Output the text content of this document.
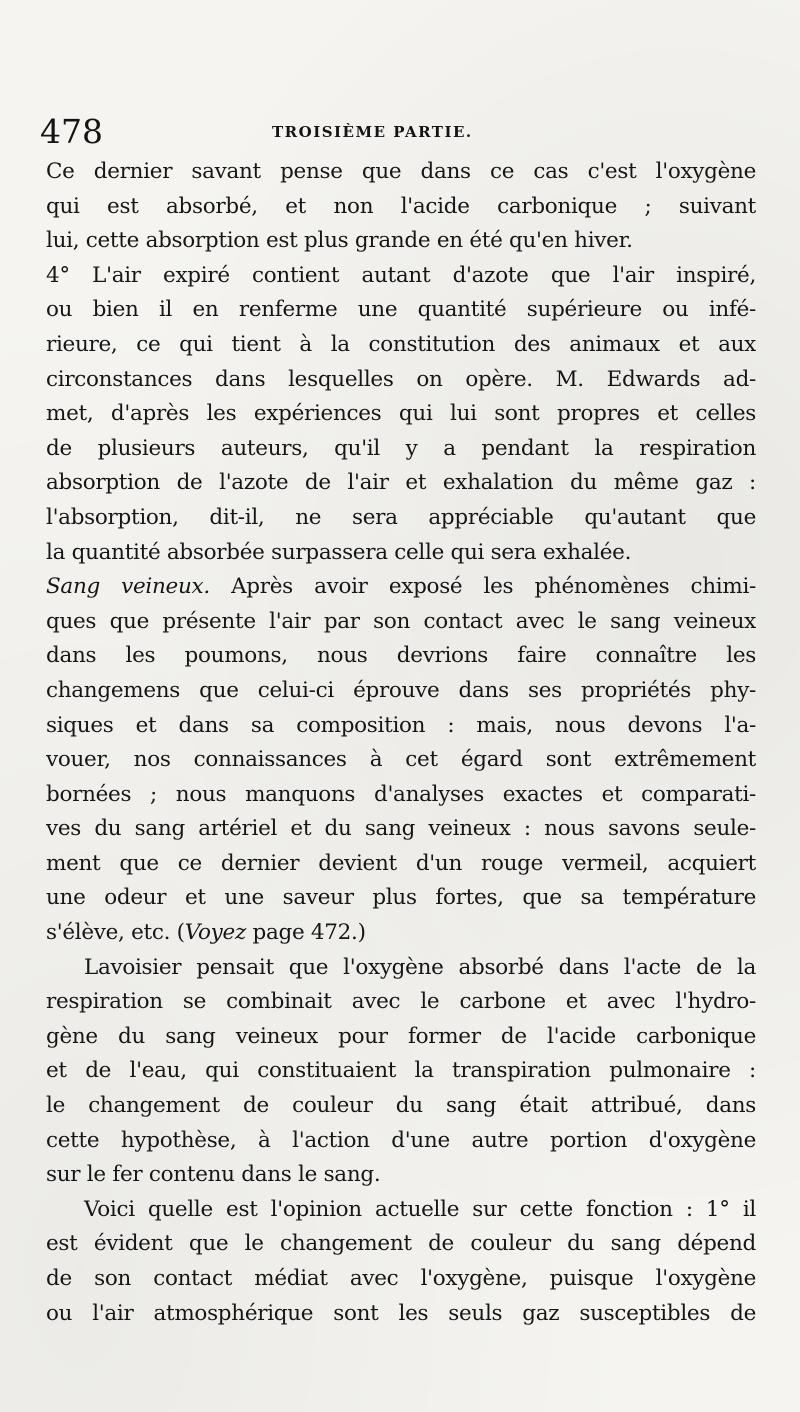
478	TROISIÈME PARTIE.
Ce dernier savant pense que dans ce cas c'est l'oxygène
qui est absorbé, et non l'acide carbonique ; suivant
lui, cette absorption est plus grande en été qu'en hiver.
4° L'air expiré contient autant d'azote que l'air inspiré,
ou bien il en renferme une quantité supérieure ou infé-
rieure, ce qui tient à la constitution des animaux et aux
circonstances dans lesquelles on opère. M. Edwards ad-
met, d'après les expériences qui lui sont propres et celles
de plusieurs auteurs, qu'il y a pendant la respiration
absorption de l'azote de l'air et exhalation du même gaz :
l'absorption, dit-il, ne sera appréciable qu'autant que
la quantité absorbée surpassera celle qui sera exhalée.
Sang veineux. Après avoir exposé les phénomènes chimi-
ques que présente l'air par son contact avec le sang veineux
dans les poumons, nous devrions faire connaître les
changemens que celui-ci éprouve dans ses propriétés phy-
siques et dans sa composition : mais, nous devons l'a-
vouer, nos connaissances à cet égard sont extrêmement
bornées ; nous manquons d'analyses exactes et comparati-
ves du sang artériel et du sang veineux : nous savons seule-
ment que ce dernier devient d'un rouge vermeil, acquiert
une odeur et une saveur plus fortes, que sa température
s'élève, etc. (Voyez page 472.)
Lavoisier pensait que l'oxygène absorbé dans l'acte de la
respiration se combinait avec le carbone et avec l'hydro-
gène du sang veineux pour former de l'acide carbonique
et de l'eau, qui constituaient la transpiration pulmonaire :
le changement de couleur du sang était attribué, dans
cette hypothèse, à l'action d'une autre portion d'oxygène
sur le fer contenu dans le sang.
Voici quelle est l'opinion actuelle sur cette fonction : 1° il
est évident que le changement de couleur du sang dépend
de son contact médiat avec l'oxygène, puisque l'oxygène
ou l'air atmosphérique sont les seuls gaz susceptibles de
